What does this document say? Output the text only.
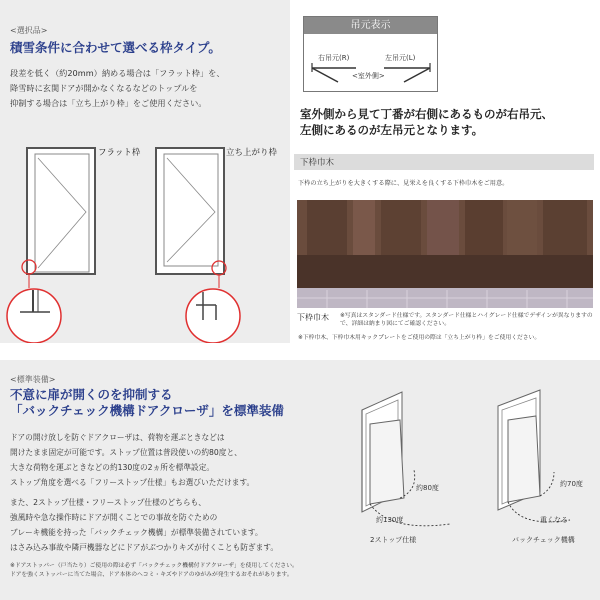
<選択品>
積雪条件に合わせて選べる枠タイプ。
段差を低く（約20mm）納める場合は「フラット枠」を、
降雪時に玄関ドアが開かなくなるなどのトップルを
抑制する場合は「立ち上がり枠」をご使用ください。
フラット枠	立ち上がり枠
吊元表示
右吊元(R)	左吊元(L)
<室外側>
室外側から見て丁番が右側にあるものが右吊元、
左側にあるのが左吊元となります。
下枠巾木
下枠の立ち上がりを大きくする際に、見栄えを良くする下枠巾木をご用意。
下枠巾木 ※写真はスタンダード仕様です。スタンダード仕様とハイグレード仕様でデザインが異なりますので、詳細は納まり図にてご確認ください。
※下枠巾木、下枠巾木用キックプレートをご使用の際は「立ち上がり枠」をご使用ください。
<標準装備>
不意に扉が開くのを抑制する
「バックチェック機構ドアクローザ」を標準装備
ドアの開け放しを防ぐドアクローザは、荷物を運ぶときなどは
開けたまま固定が可能です。ストップ位置は普段使いの約80度と、
大きな荷物を運ぶときなどの約130度の2ヵ所を標準設定。
ストップ角度を選べる「フリーストップ仕様」もお選びいただけます。
また、2ストップ仕様・フリーストップ仕様のどちらも、
強風時や急な操作時にドアが開くことでの事故を防ぐための
ブレーキ機能を持った「バックチェック機構」が標準装備されています。
はさみ込み事故や隣戸機器などにドアがぶつかりキズが付くことも防ぎます。
※ドアストッパー（戸当たり）ご使用の際は必ず「バックチェック機構付ドアクローザ」を使用してください。
ドアを強くストッパーに当てた場合、ドア本体のヘコミ・キズやドアのゆがみが発生するおそれがあります。
約80度
約130度
約70度
重くなる
2ストップ仕様	バックチェック機構
